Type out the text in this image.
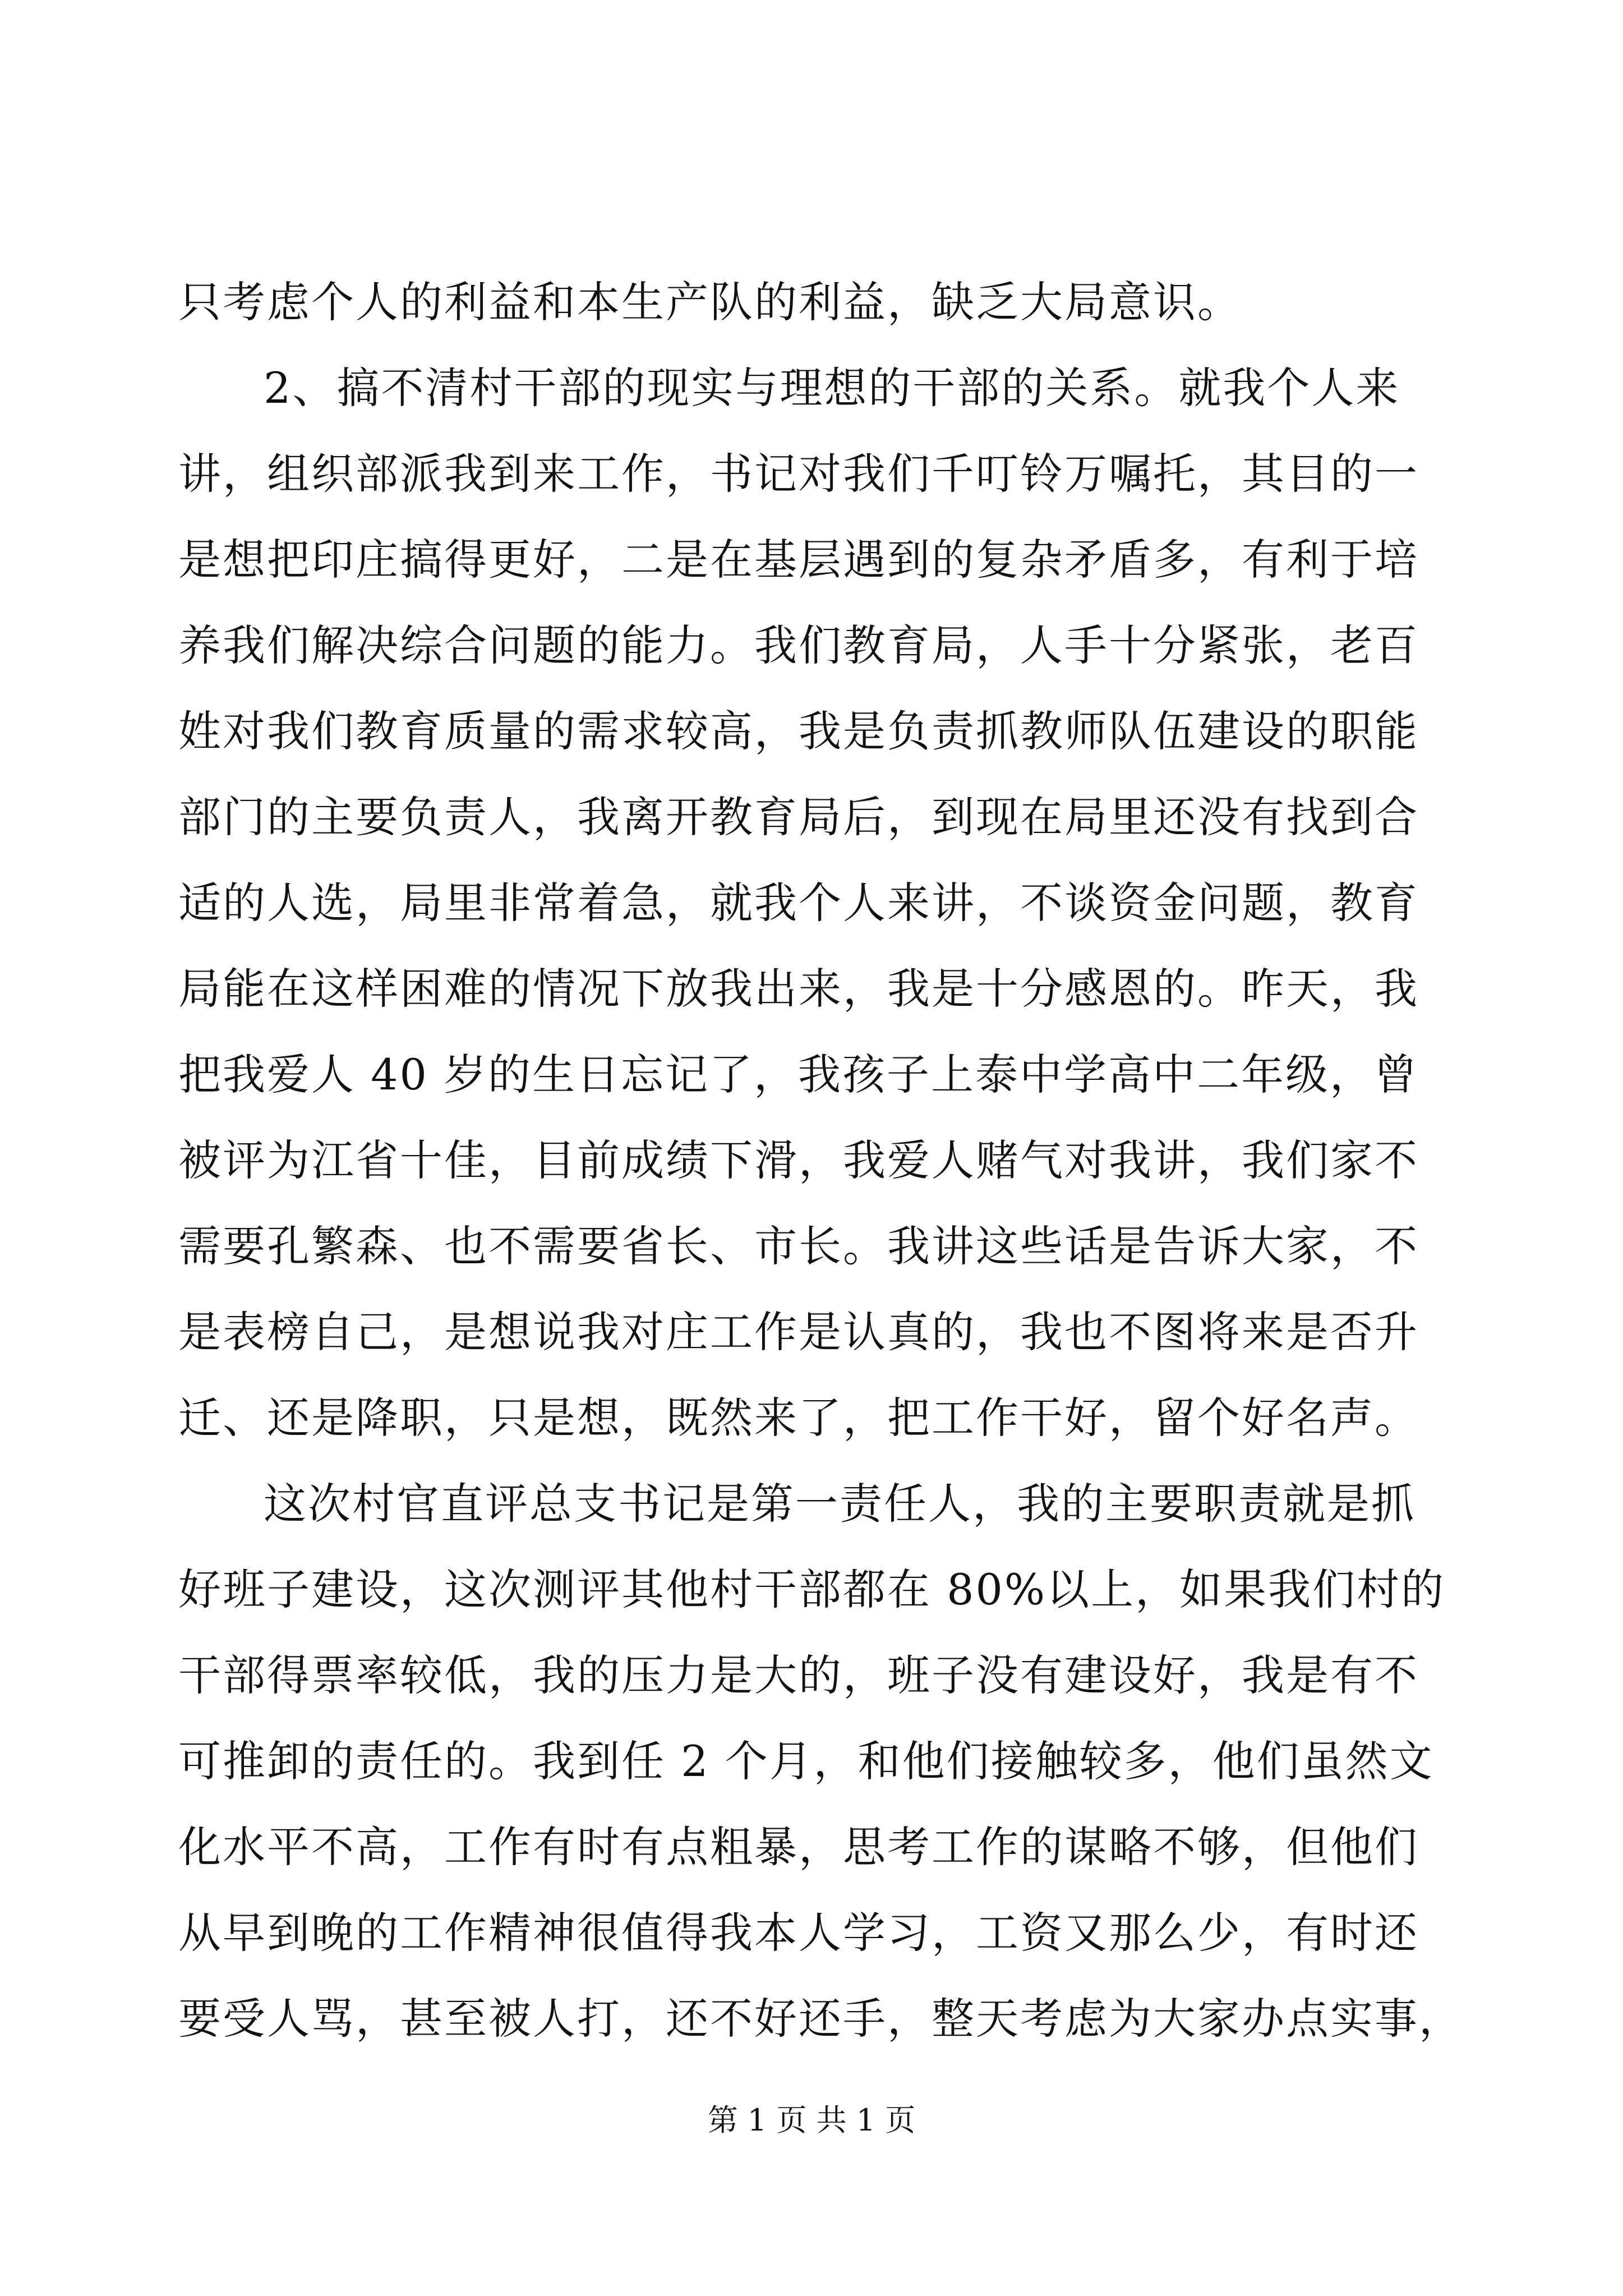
只考虑个人的利益和本生产队的利益，缺乏大局意识。
2、搞不清村干部的现实与理想的干部的关系。就我个人来
讲，组织部派我到来工作，书记对我们千叮铃万嘱托，其目的一
是想把印庄搞得更好，二是在基层遇到的复杂矛盾多，有利于培
养我们解决综合问题的能力。我们教育局，人手十分紧张，老百
姓对我们教育质量的需求较高，我是负责抓教师队伍建设的职能
部门的主要负责人，我离开教育局后，到现在局里还没有找到合
适的人选，局里非常着急，就我个人来讲，不谈资金问题，教育
局能在这样困难的情况下放我出来，我是十分感恩的。昨天，我
把我爱人 40 岁的生日忘记了，我孩子上泰中学高中二年级，曾
被评为江省十佳，目前成绩下滑，我爱人赌气对我讲，我们家不
需要孔繁森、也不需要省长、市长。我讲这些话是告诉大家，不
是表榜自己，是想说我对庄工作是认真的，我也不图将来是否升
迁、还是降职，只是想，既然来了，把工作干好，留个好名声。
这次村官直评总支书记是第一责任人，我的主要职责就是抓
好班子建设，这次测评其他村干部都在 80%以上，如果我们村的
干部得票率较低，我的压力是大的，班子没有建设好，我是有不
可推卸的责任的。我到任 2 个月，和他们接触较多，他们虽然文
化水平不高，工作有时有点粗暴，思考工作的谋略不够，但他们
从早到晚的工作精神很值得我本人学习，工资又那么少，有时还
要受人骂，甚至被人打，还不好还手，整天考虑为大家办点实事，
第 1 页 共 1 页
